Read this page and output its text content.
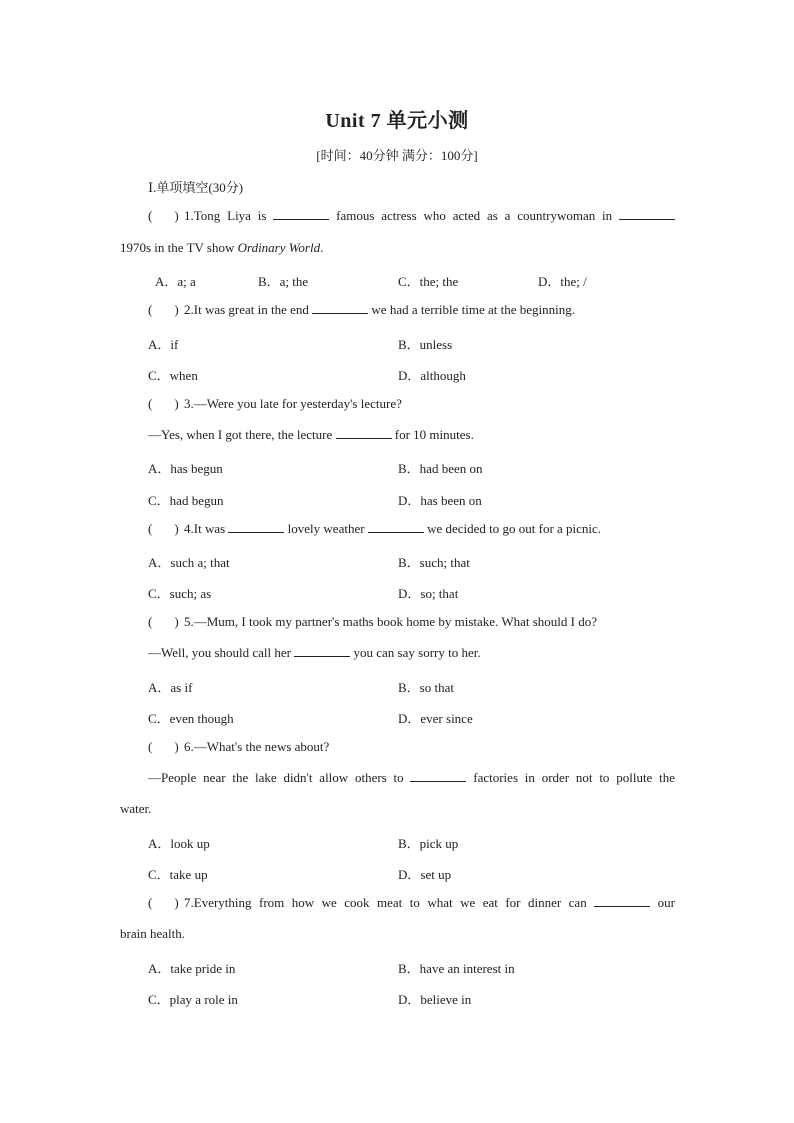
Unit 7 单元小测
[时间：40分钟 满分：100分]
Ⅰ.单项填空(30分)
( ) 1.Tong Liya is	famous actress who acted as a countrywoman in
1970s in the TV show Ordinary World.
A．a; a	B．a; the	C．the; the	D．the; /
( ) 2.It was great in the end	we had a terrible time at the beginning.
A．if	B．unless
C．when	D．although
( ) 3.—Were you late for yesterday's lecture?
—Yes, when I got there, the lecture	for 10 minutes.
A．has begun	B．had been on
C．had begun	D．has been on
( ) 4.It was	lovely weather	we decided to go out for a picnic.
A．such a; that	B．such; that
C．such; as	D．so; that
( ) 5.—Mum, I took my partner's maths book home by mistake. What should I do?
—Well, you should call her	you can say sorry to her.
A．as if	B．so that
C．even though	D．ever since
( ) 6.—What's the news about?
—People near the lake didn't allow others to	factories in order not to pollute the
water.
A．look up	B．pick up
C．take up	D．set up
( ) 7.Everything from how we cook meat to what we eat for dinner can	our
brain health.
A．take pride in	B．have an interest in
C．play a role in	D．believe in
